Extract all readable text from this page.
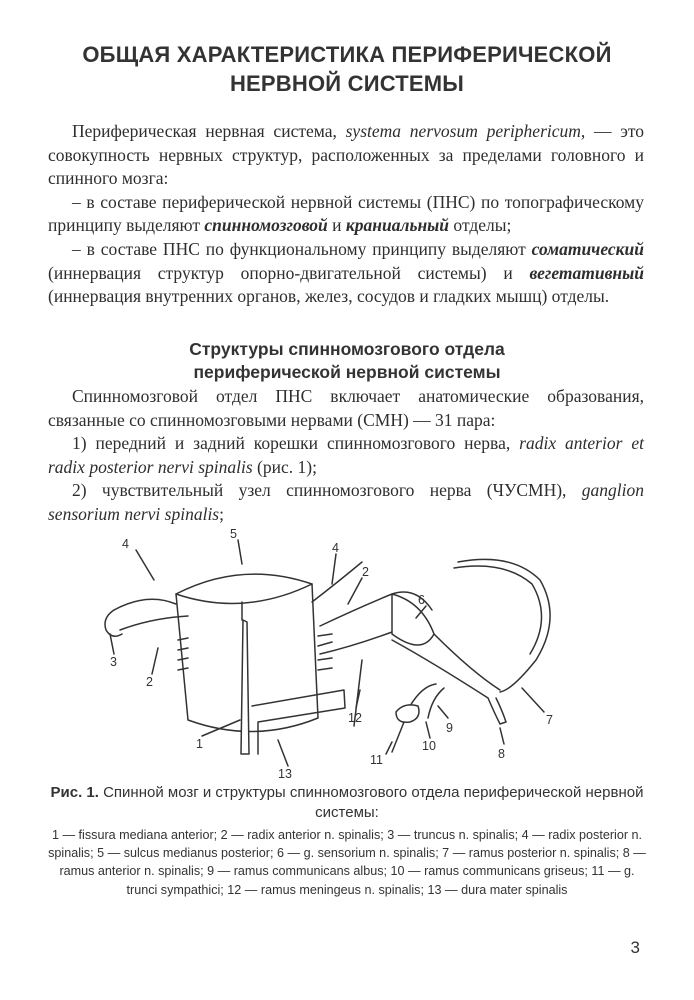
ОБЩАЯ ХАРАКТЕРИСТИКА ПЕРИФЕРИЧЕСКОЙ
НЕРВНОЙ СИСТЕМЫ

Периферическая нервная система, systema nervosum periphericum, — это совокупность нервных структур, расположенных за пределами головного и спинного мозга:

– в составе периферической нервной системы (ПНС) по топографическому принципу выделяют спинномозговой и краниальный отделы;

– в составе ПНС по функциональному принципу выделяют соматический (иннервация структур опорно-двигательной системы) и вегетативный (иннервация внутренних органов, желез, сосудов и гладких мышц) отделы.

Структуры спинномозгового отдела
периферической нервной системы

Спинномозговой отдел ПНС включает анатомические образования, связанные со спинномозговыми нервами (СМН) — 31 пара:

1) передний и задний корешки спинномозгового нерва, radix anterior et radix posterior nervi spinalis (рис. 1);

2) чувствительный узел спинномозгового нерва (ЧУСМН), ganglion sensorium nervi spinalis;

4
5
4
2
6
3
2
12
9
7
1	10
8
11
13
Рис. 1. Спинной мозг и структуры спинномозгового отдела периферической нервной системы:
1 — fissura mediana anterior; 2 — radix anterior n. spinalis; 3 — truncus n. spinalis; 4 — radix posterior n. spinalis; 5 — sulcus medianus posterior; 6 — g. sensorium n. spinalis; 7 — ramus posterior n. spinalis; 8 — ramus anterior n. spinalis; 9 — ramus communicans albus; 10 — ramus communicans griseus; 11 — g. trunci sympathici; 12 — ramus meningeus n. spinalis; 13 — dura mater spinalis
3
